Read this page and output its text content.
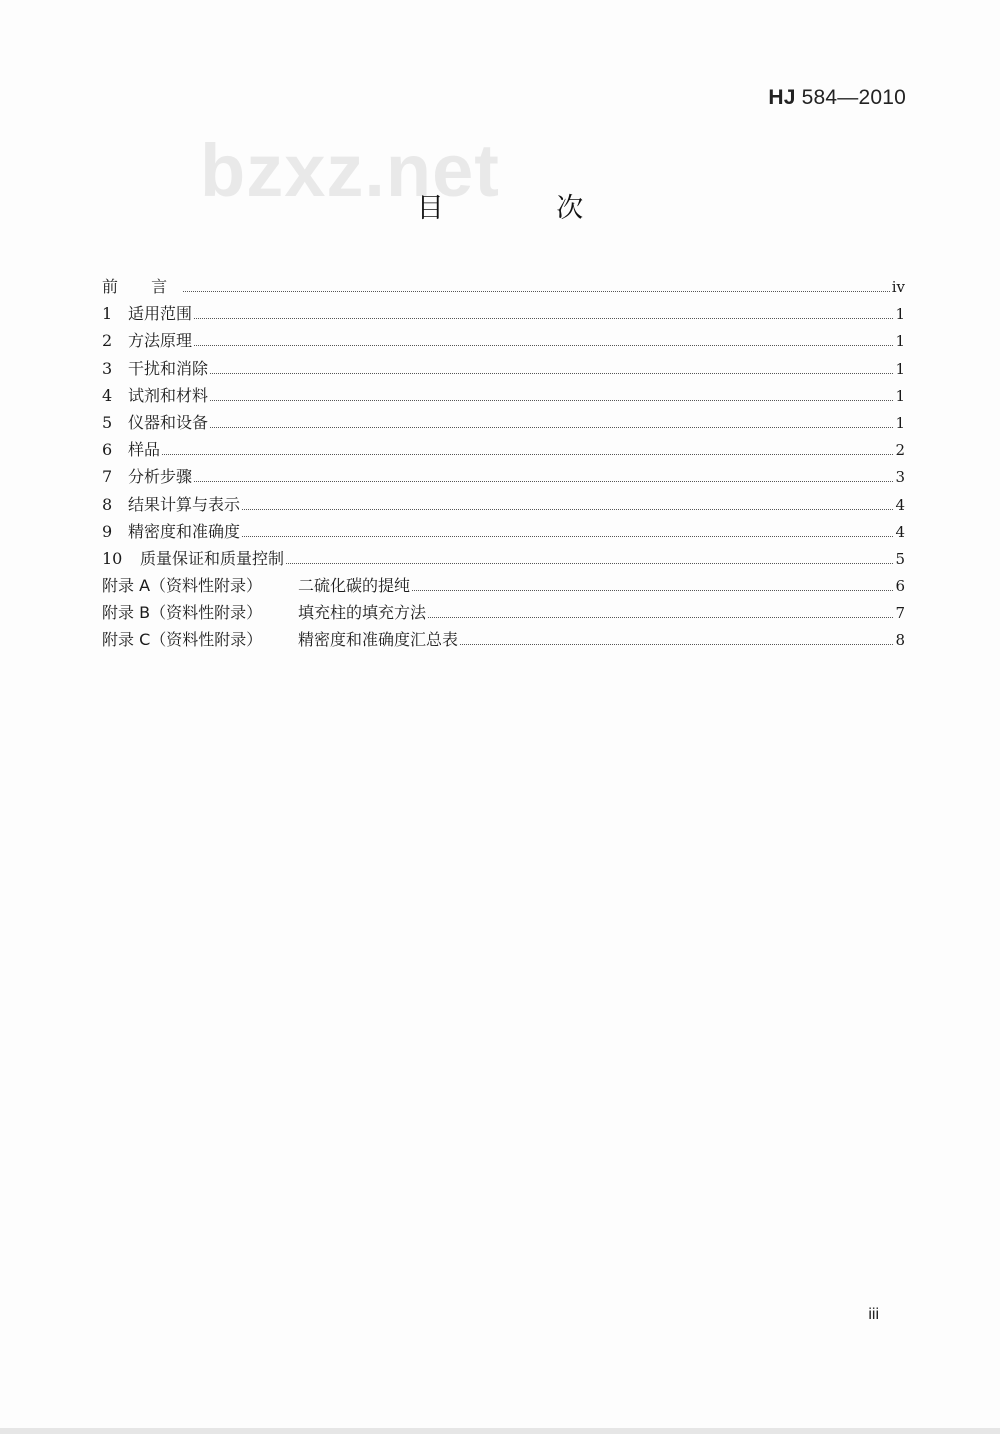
HJ 584—2010
bzxz.net
目 次
前 言	iv
1 适用范围	1
2 方法原理	1
3 干扰和消除	1
4 试剂和材料	1
5 仪器和设备	1
6 样品	2
7 分析步骤	3
8 结果计算与表示	4
9 精密度和准确度	4
10	质量保证和质量控制	5
附录 A（资料性附录）	二硫化碳的提纯	6
附录 B（资料性附录）	填充柱的填充方法	7
附录 C（资料性附录）	精密度和准确度汇总表	8
iii
